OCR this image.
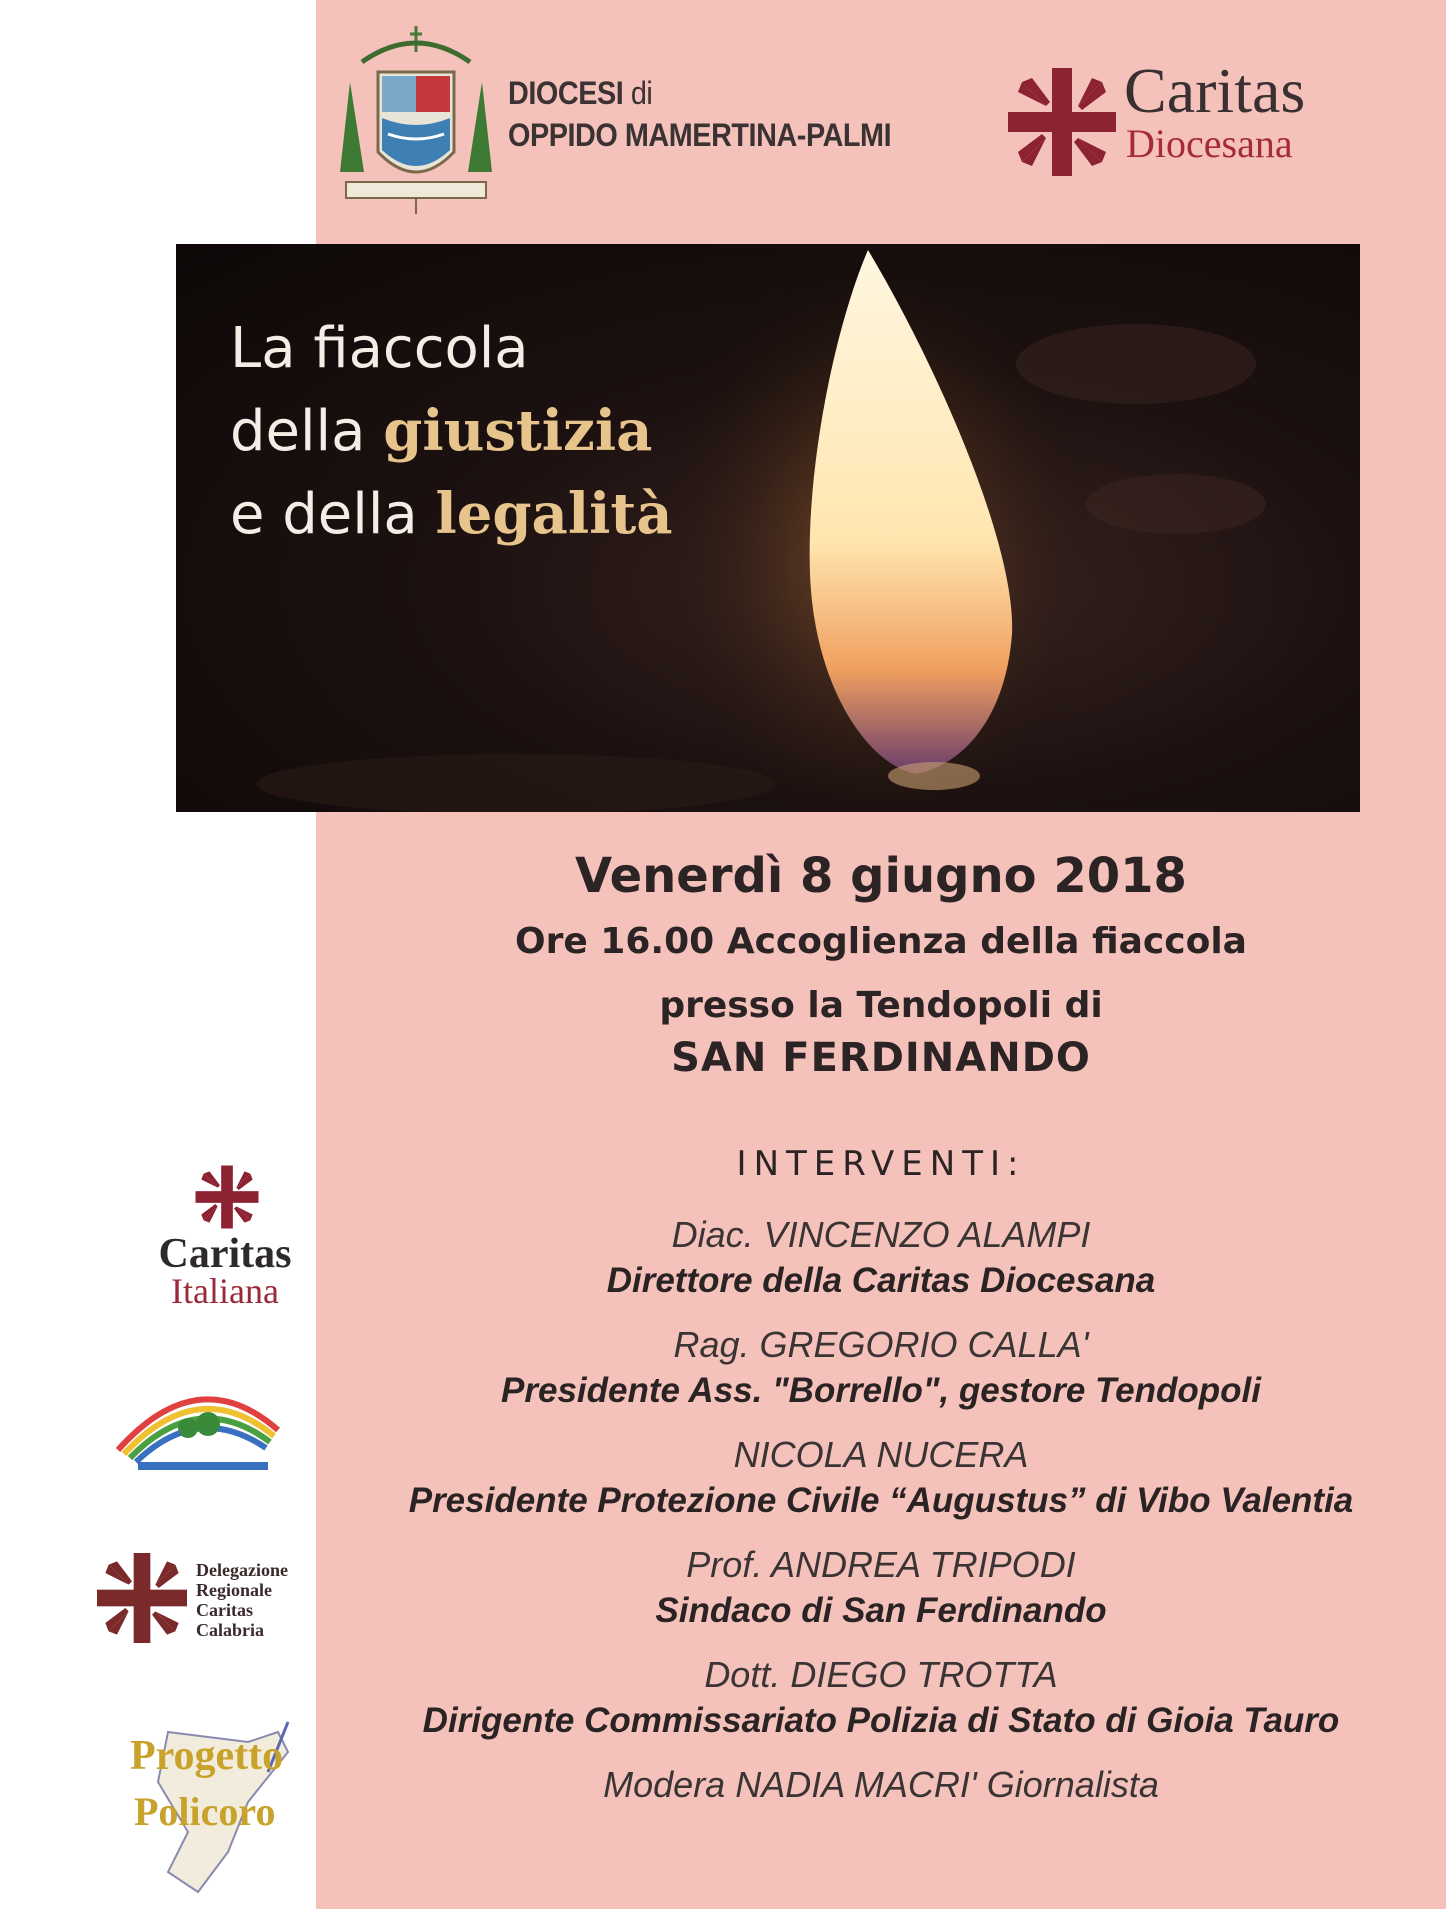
DIOCESI di
OPPIDO MAMERTINA-PALMI
Caritas
Diocesana
La fiaccola
della giustizia
e della legalità
Venerdì 8 giugno 2018
Ore 16.00 Accoglienza della fiaccola
presso la Tendopoli di
SAN FERDINANDO
INTERVENTI:
Diac. VINCENZO ALAMPI
Direttore della Caritas Diocesana
Rag. GREGORIO CALLA'
Presidente Ass. "Borrello", gestore Tendopoli
NICOLA NUCERA
Presidente Protezione Civile “Augustus” di Vibo Valentia
Prof. ANDREA TRIPODI
Sindaco di San Ferdinando
Dott. DIEGO TROTTA
Dirigente Commissariato Polizia di Stato di Gioia Tauro
Modera NADIA MACRI' Giornalista
Caritas
Italiana
Delegazione
Regionale
Caritas
Calabria
Progetto
Policoro
